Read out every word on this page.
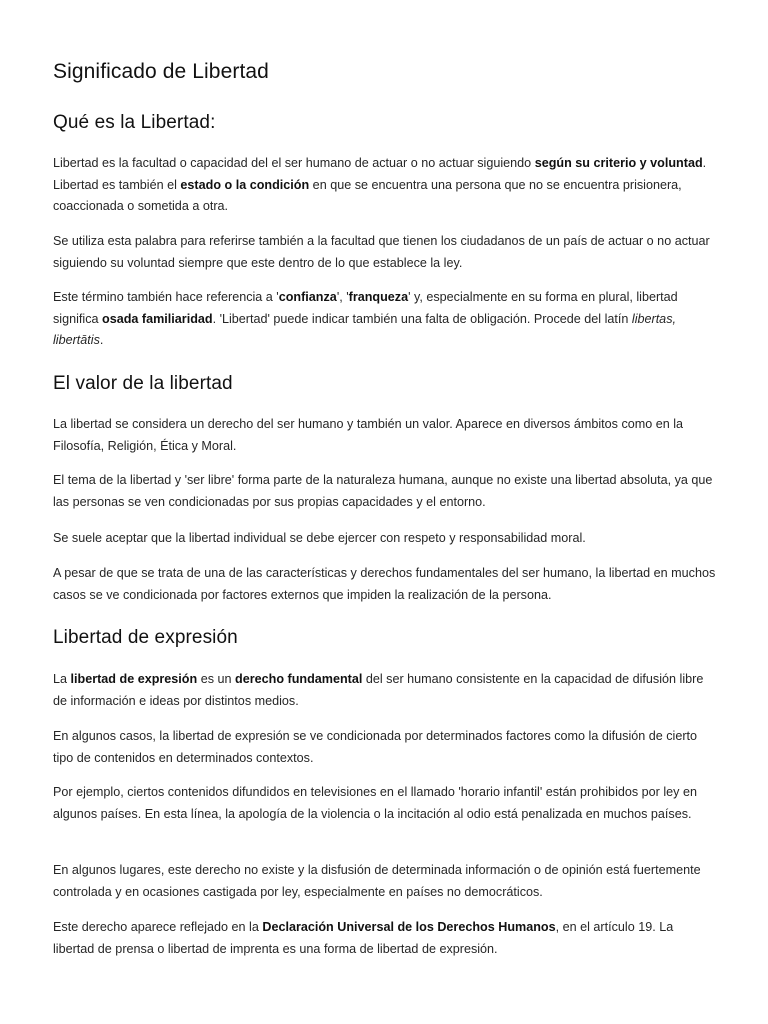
Significado de Libertad
Qué es la Libertad:

Libertad es la facultad o capacidad del el ser humano de actuar o no actuar siguiendo según su criterio y voluntad. Libertad es también el estado o la condición en que se encuentra una persona que no se encuentra prisionera, coaccionada o sometida a otra.

Se utiliza esta palabra para referirse también a la facultad que tienen los ciudadanos de un país de actuar o no actuar siguiendo su voluntad siempre que este dentro de lo que establece la ley.

Este término también hace referencia a 'confianza', 'franqueza' y, especialmente en su forma en plural, libertad significa osada familiaridad. 'Libertad' puede indicar también una falta de obligación. Procede del latín libertas, libertātis.

El valor de la libertad

La libertad se considera un derecho del ser humano y también un valor. Aparece en diversos ámbitos como en la Filosofía, Religión, Ética y Moral.

El tema de la libertad y 'ser libre' forma parte de la naturaleza humana, aunque no existe una libertad absoluta, ya que las personas se ven condicionadas por sus propias capacidades y el entorno.

Se suele aceptar que la libertad individual se debe ejercer con respeto y responsabilidad moral.

A pesar de que se trata de una de las características y derechos fundamentales del ser humano, la libertad en muchos casos se ve condicionada por factores externos que impiden la realización de la persona.

Libertad de expresión

La libertad de expresión es un derecho fundamental del ser humano consistente en la capacidad de difusión libre de información e ideas por distintos medios.

En algunos casos, la libertad de expresión se ve condicionada por determinados factores como la difusión de cierto tipo de contenidos en determinados contextos.

Por ejemplo, ciertos contenidos difundidos en televisiones en el llamado 'horario infantil' están prohibidos por ley en algunos países. En esta línea, la apología de la violencia o la incitación al odio está penalizada en muchos países.

En algunos lugares, este derecho no existe y la disfusión de determinada información o de opinión está fuertemente controlada y en ocasiones castigada por ley, especialmente en países no democráticos.

Este derecho aparece reflejado en la Declaración Universal de los Derechos Humanos, en el artículo 19. La libertad de prensa o libertad de imprenta es una forma de libertad de expresión.
